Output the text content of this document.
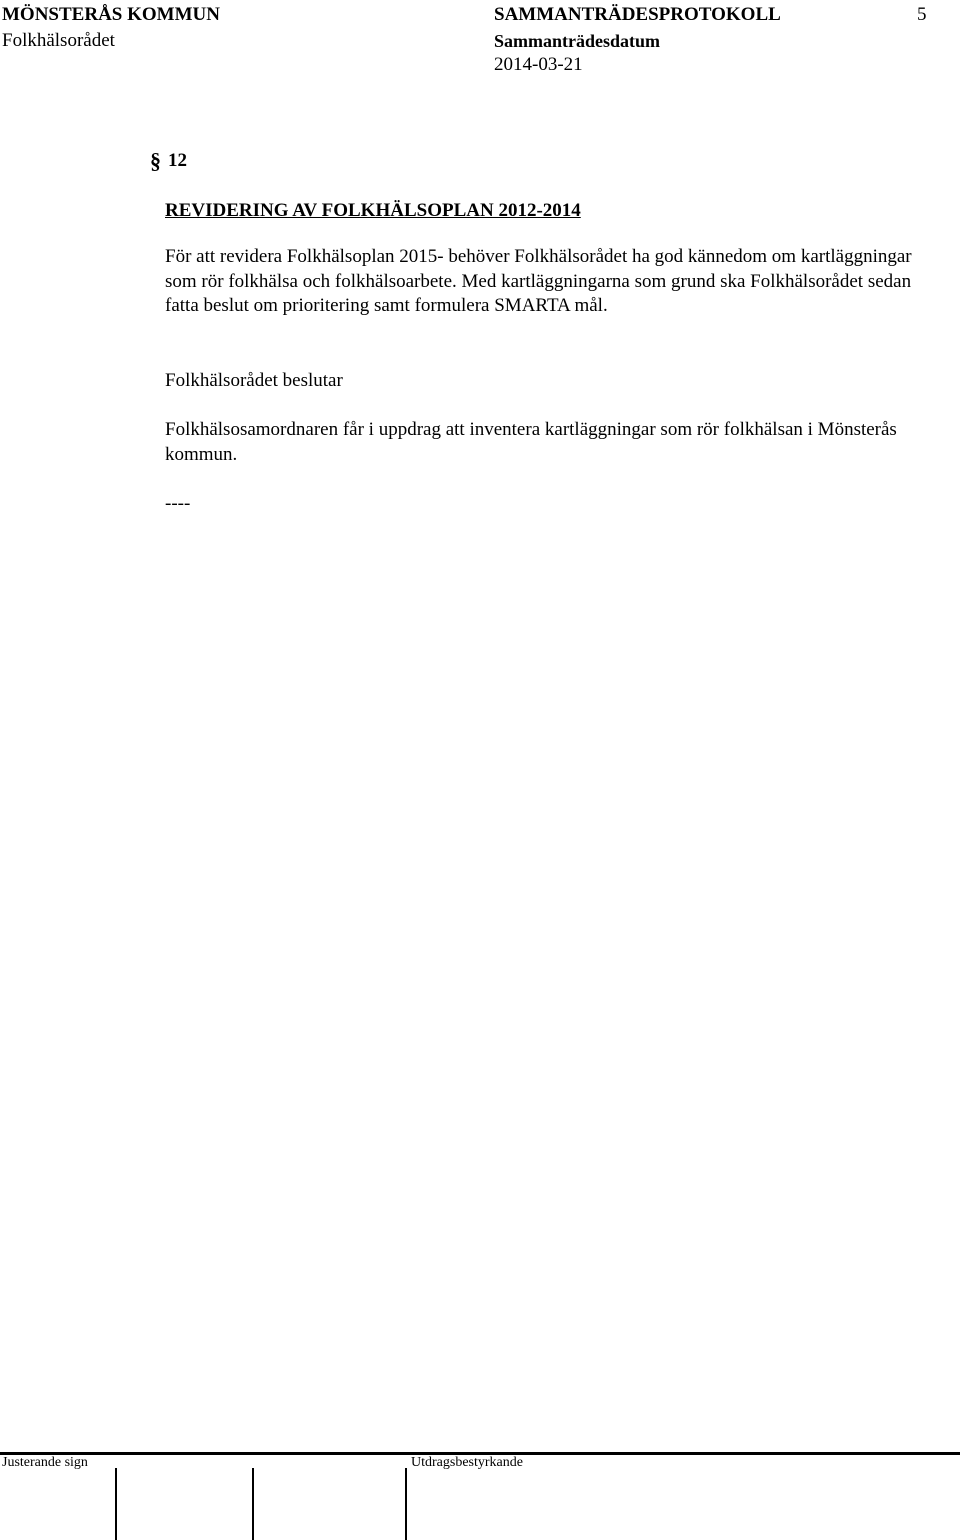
MÖNSTERÅS KOMMUN	SAMMANTRÄDESPROTOKOLL	5
Folkhälsorådet	Sammanträdesdatum
2014-03-21
§ 12
REVIDERING AV FOLKHÄLSOPLAN 2012-2014
För att revidera Folkhälsoplan 2015- behöver Folkhälsorådet ha god kännedom om kartläggningar som rör folkhälsa och folkhälsoarbete. Med kartläggningarna som grund ska Folkhälsorådet sedan fatta beslut om prioritering samt formulera SMARTA mål.
Folkhälsorådet beslutar
Folkhälsosamordnaren får i uppdrag att inventera kartläggningar som rör folkhälsan i Mönsterås kommun.
----
Justerande sign	Utdragsbestyrkande
